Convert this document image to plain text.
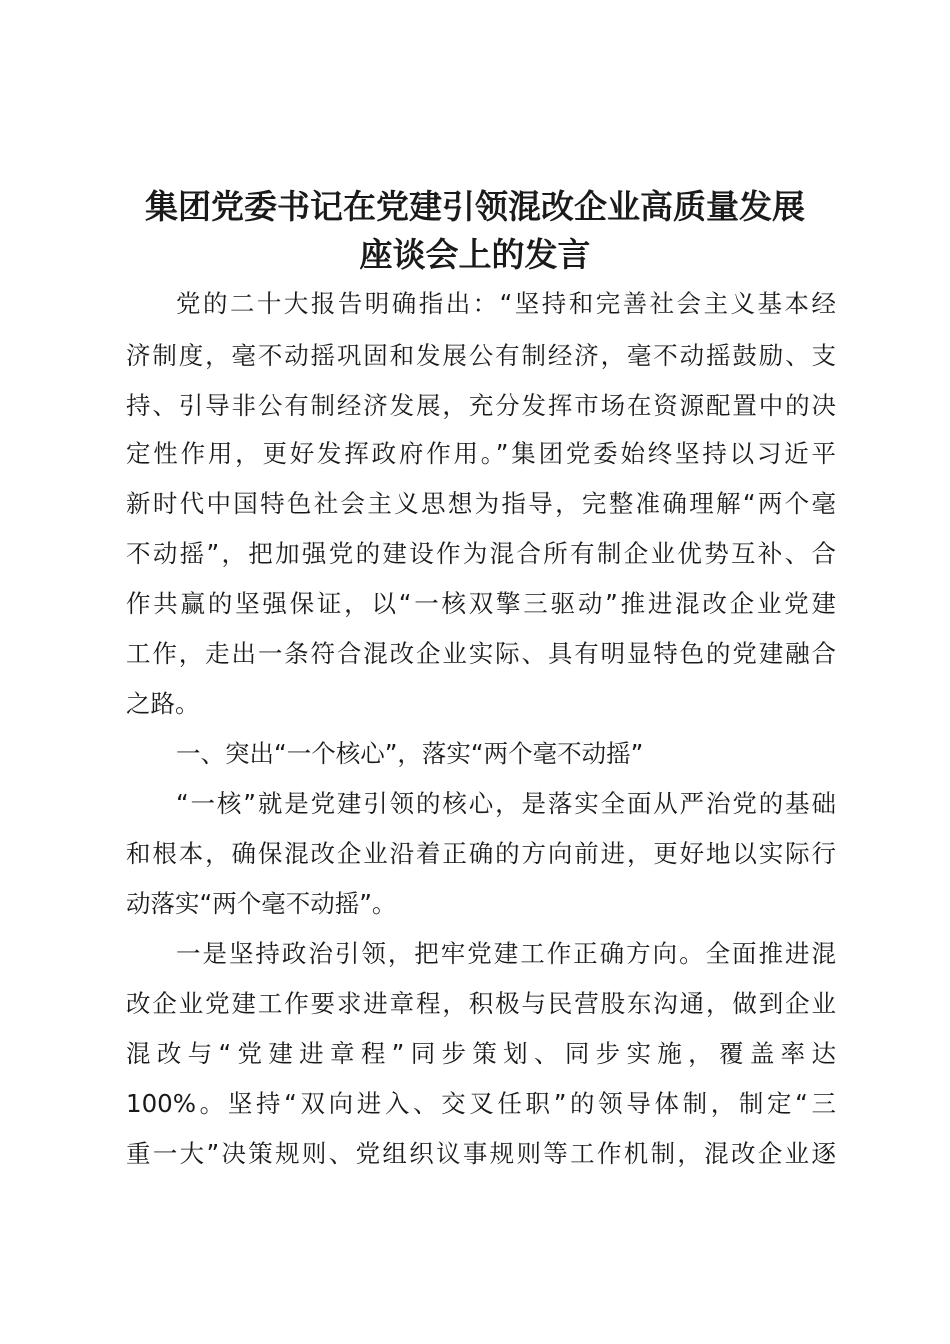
集团党委书记在党建引领混改企业高质量发展
座谈会上的发言
党的二十大报告明确指出：“坚持和完善社会主义基本经
济制度，毫不动摇巩固和发展公有制经济，毫不动摇鼓励、支
持、引导非公有制经济发展，充分发挥市场在资源配置中的决
定性作用，更好发挥政府作用。”集团党委始终坚持以习近平
新时代中国特色社会主义思想为指导，完整准确理解“两个毫
不动摇”，把加强党的建设作为混合所有制企业优势互补、合
作共赢的坚强保证，以“一核双擎三驱动”推进混改企业党建
工作，走出一条符合混改企业实际、具有明显特色的党建融合
之路。
一、突出“一个核心”，落实“两个毫不动摇”
“一核”就是党建引领的核心，是落实全面从严治党的基础
和根本，确保混改企业沿着正确的方向前进，更好地以实际行
动落实“两个毫不动摇”。
一是坚持政治引领，把牢党建工作正确方向。全面推进混
改企业党建工作要求进章程，积极与民营股东沟通，做到企业
混改与“党建进章程”同步策划、同步实施，覆盖率达
100%。坚持“双向进入、交叉任职”的领导体制，制定“三
重一大”决策规则、党组织议事规则等工作机制，混改企业逐
